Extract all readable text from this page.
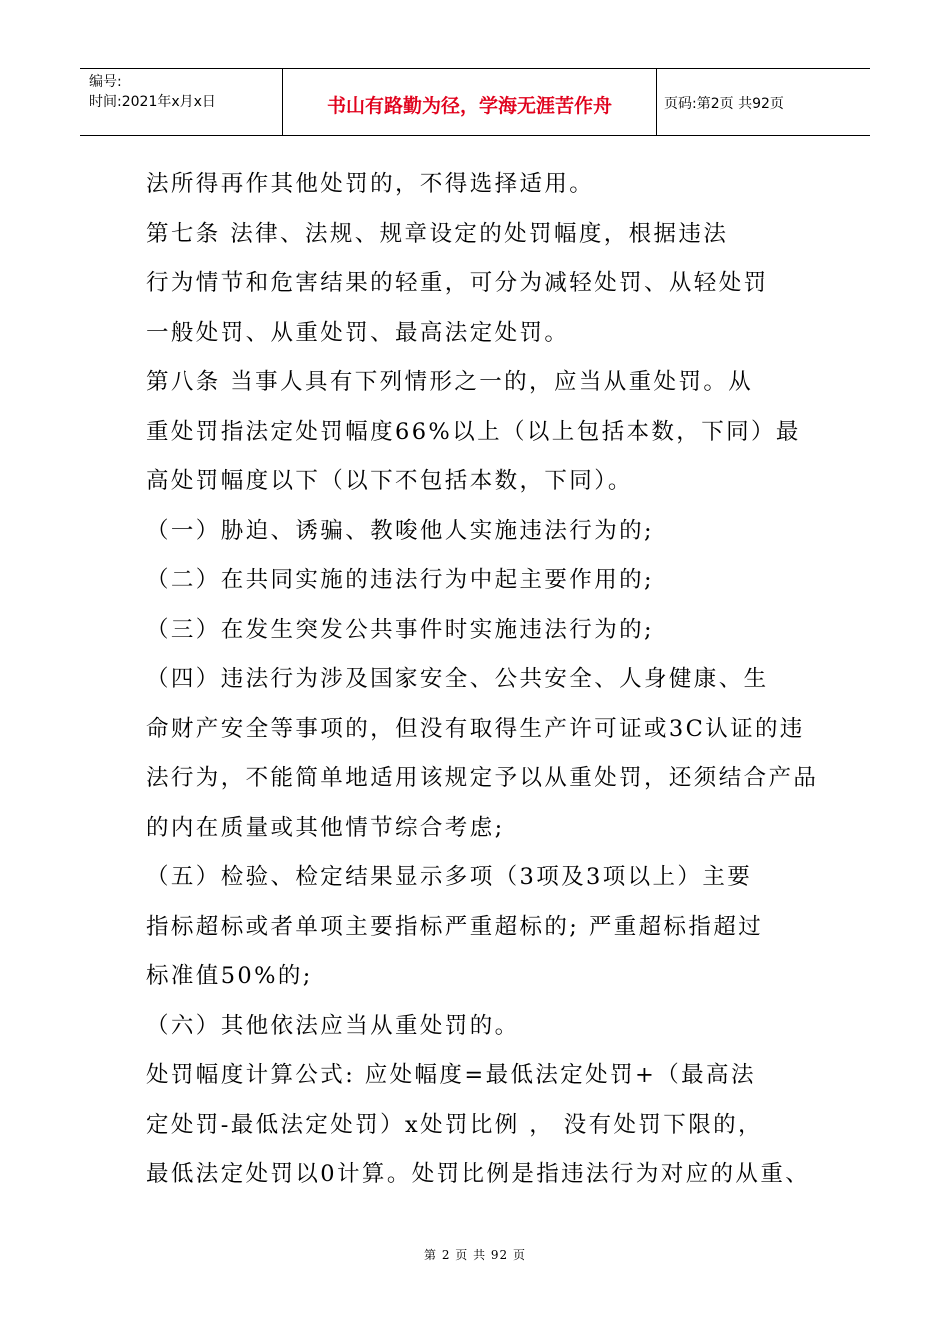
编号:
时间:2021年x月x日	书山有路勤为径，学海无涯苦作舟	页码:第2页 共92页
法所得再作其他处罚的，不得选择适用。
第七条 法律、法规、规章设定的处罚幅度，根据违法
行为情节和危害结果的轻重，可分为减轻处罚、从轻处罚
一般处罚、从重处罚、最高法定处罚。
第八条 当事人具有下列情形之一的，应当从重处罚。从
重处罚指法定处罚幅度66%以上（以上包括本数，下同）最
高处罚幅度以下（以下不包括本数，下同）。
（一）胁迫、诱骗、教唆他人实施违法行为的;
（二）在共同实施的违法行为中起主要作用的;
（三）在发生突发公共事件时实施违法行为的;
（四）违法行为涉及国家安全、公共安全、人身健康、生
命财产安全等事项的，但没有取得生产许可证或3C认证的违
法行为，不能简单地适用该规定予以从重处罚，还须结合产品
的内在质量或其他情节综合考虑;
（五）检验、检定结果显示多项（3项及3项以上）主要
指标超标或者单项主要指标严重超标的; 严重超标指超过
标准值50%的;
（六）其他依法应当从重处罚的。
处罚幅度计算公式: 应处幅度=最低法定处罚+（最高法
定处罚-最低法定处罚）x处罚比例 ， 没有处罚下限的，
最低法定处罚以0计算。处罚比例是指违法行为对应的从重、
第 2 页 共 92 页
